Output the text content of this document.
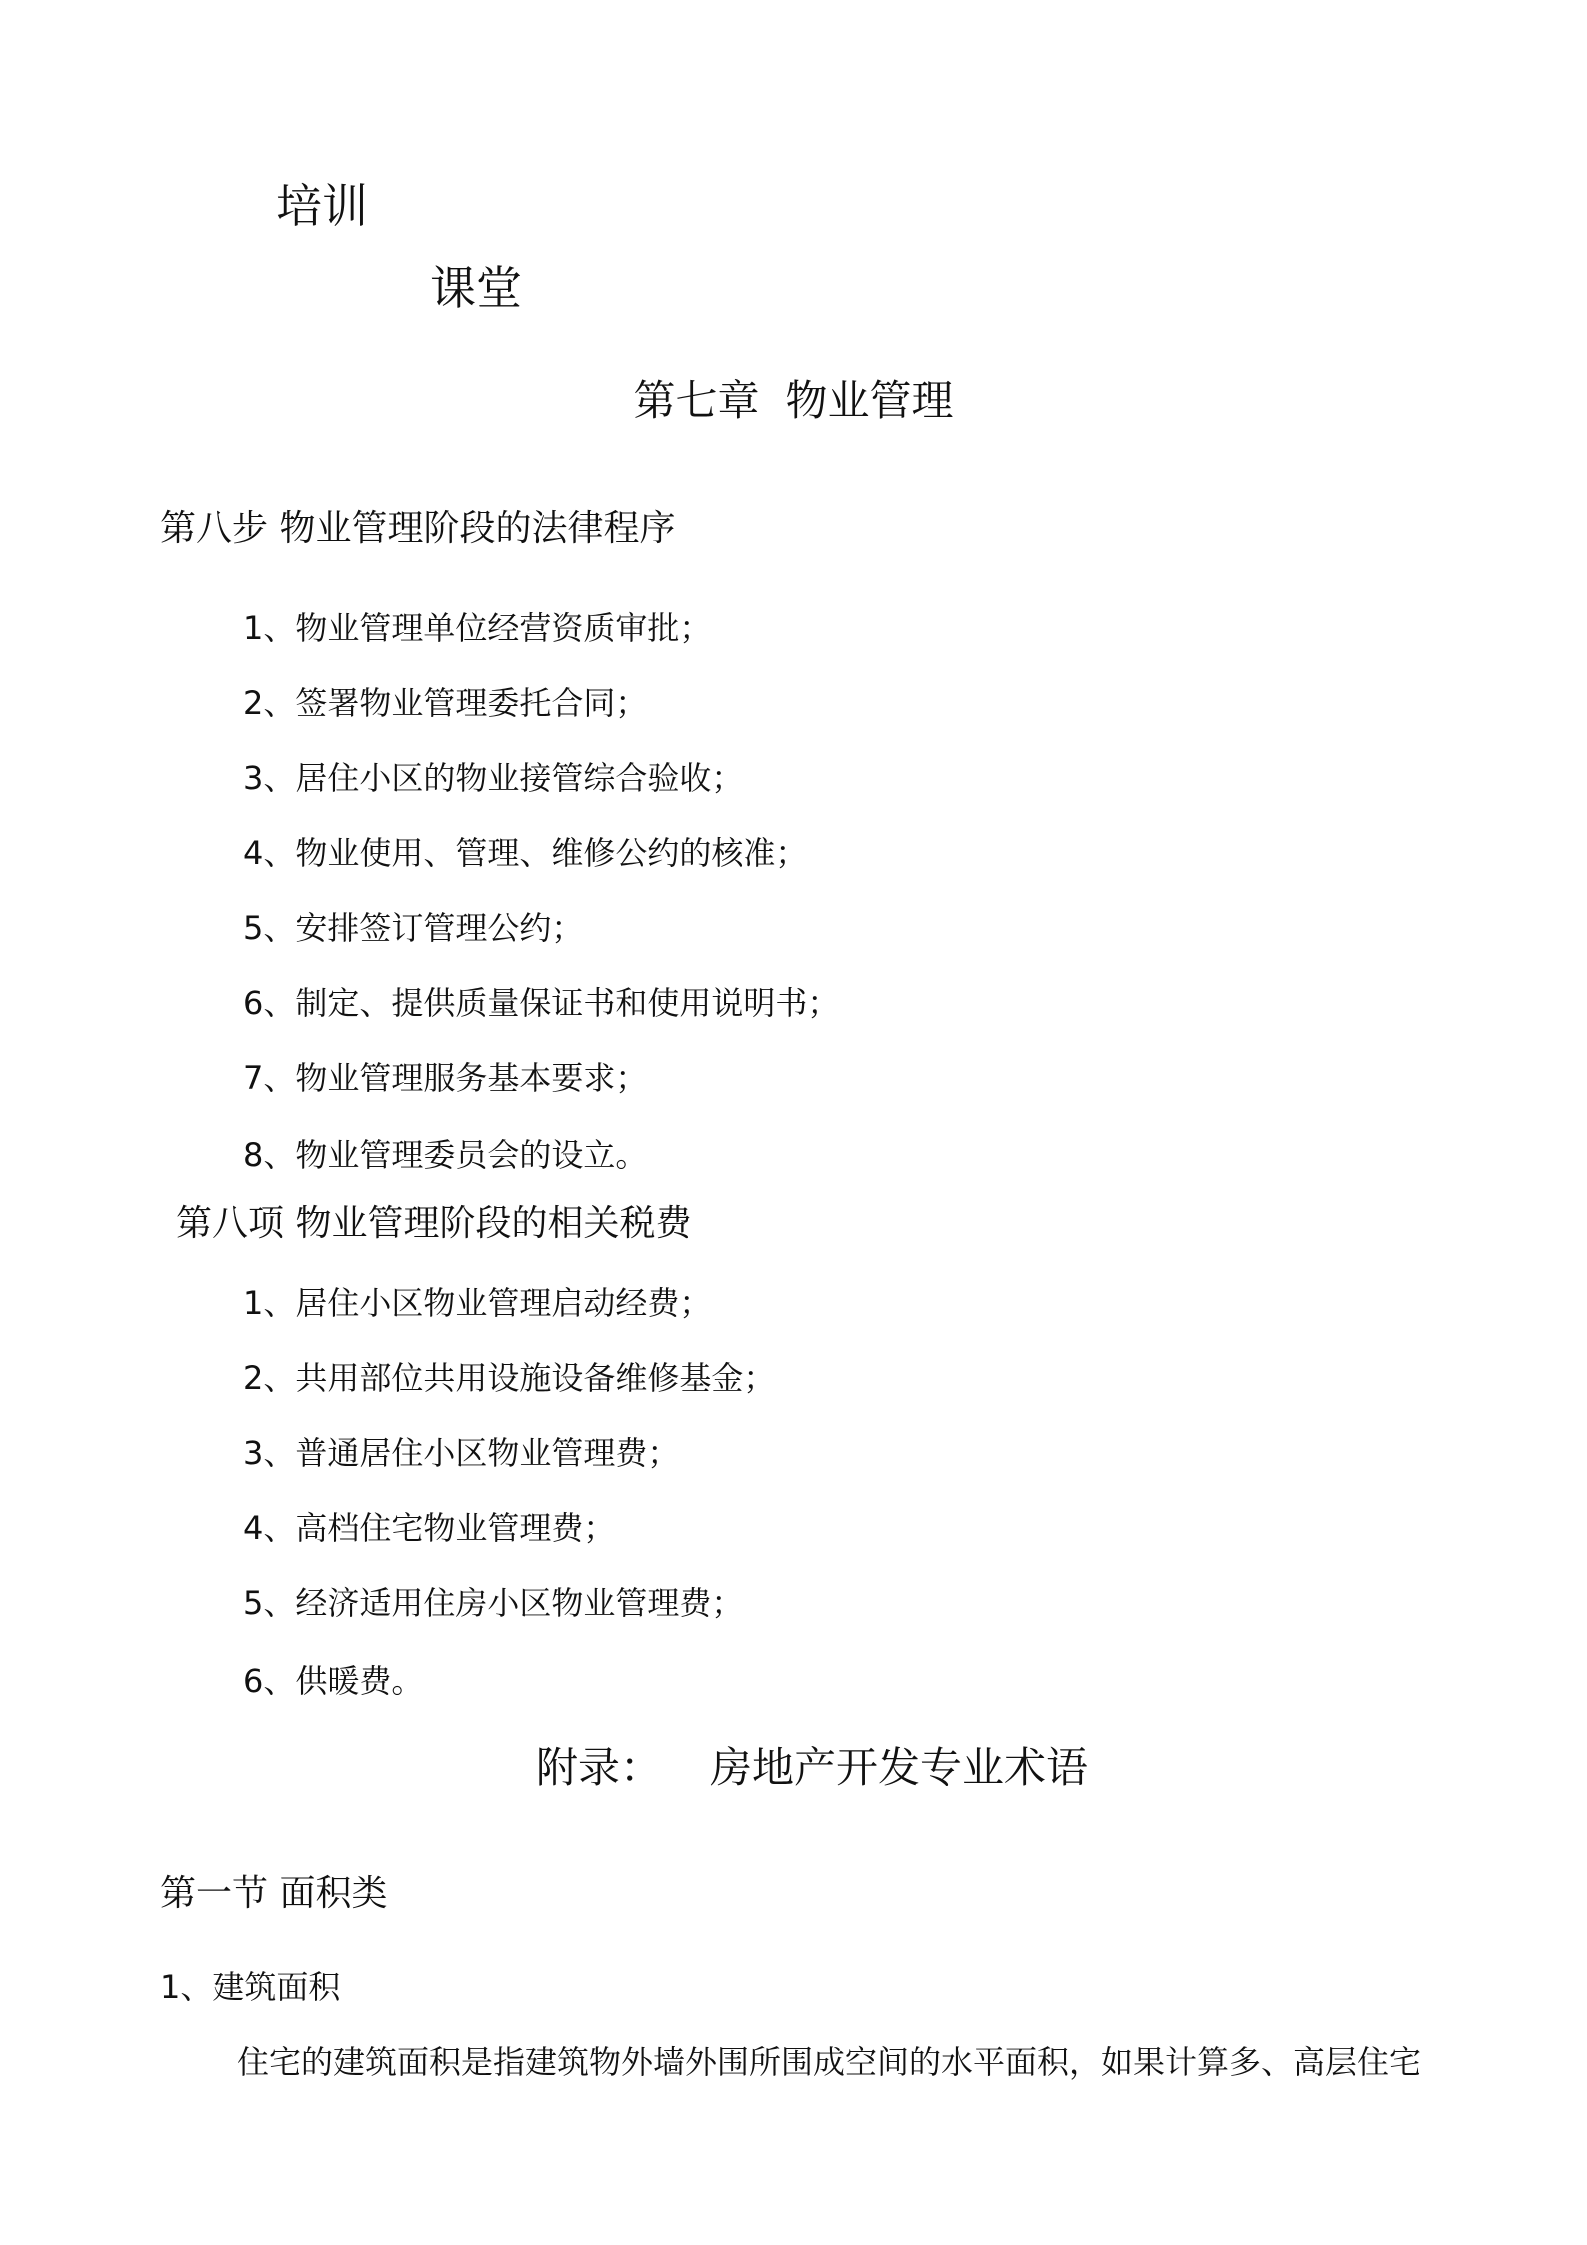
培训
课堂
第七章 物业管理
第八步 物业管理阶段的法律程序
1、物业管理单位经营资质审批；
2、签署物业管理委托合同；
3、居住小区的物业接管综合验收；
4、物业使用、管理、维修公约的核准；
5、安排签订管理公约；
6、制定、提供质量保证书和使用说明书；
7、物业管理服务基本要求；
8、物业管理委员会的设立。
第八项 物业管理阶段的相关税费
1、居住小区物业管理启动经费；
2、共用部位共用设施设备维修基金；
3、普通居住小区物业管理费；
4、高档住宅物业管理费；
5、经济适用住房小区物业管理费；
6、供暖费。
附录： 房地产开发专业术语
第一节 面积类
1、建筑面积
住宅的建筑面积是指建筑物外墙外围所围成空间的水平面积，如果计算多、高层住宅
